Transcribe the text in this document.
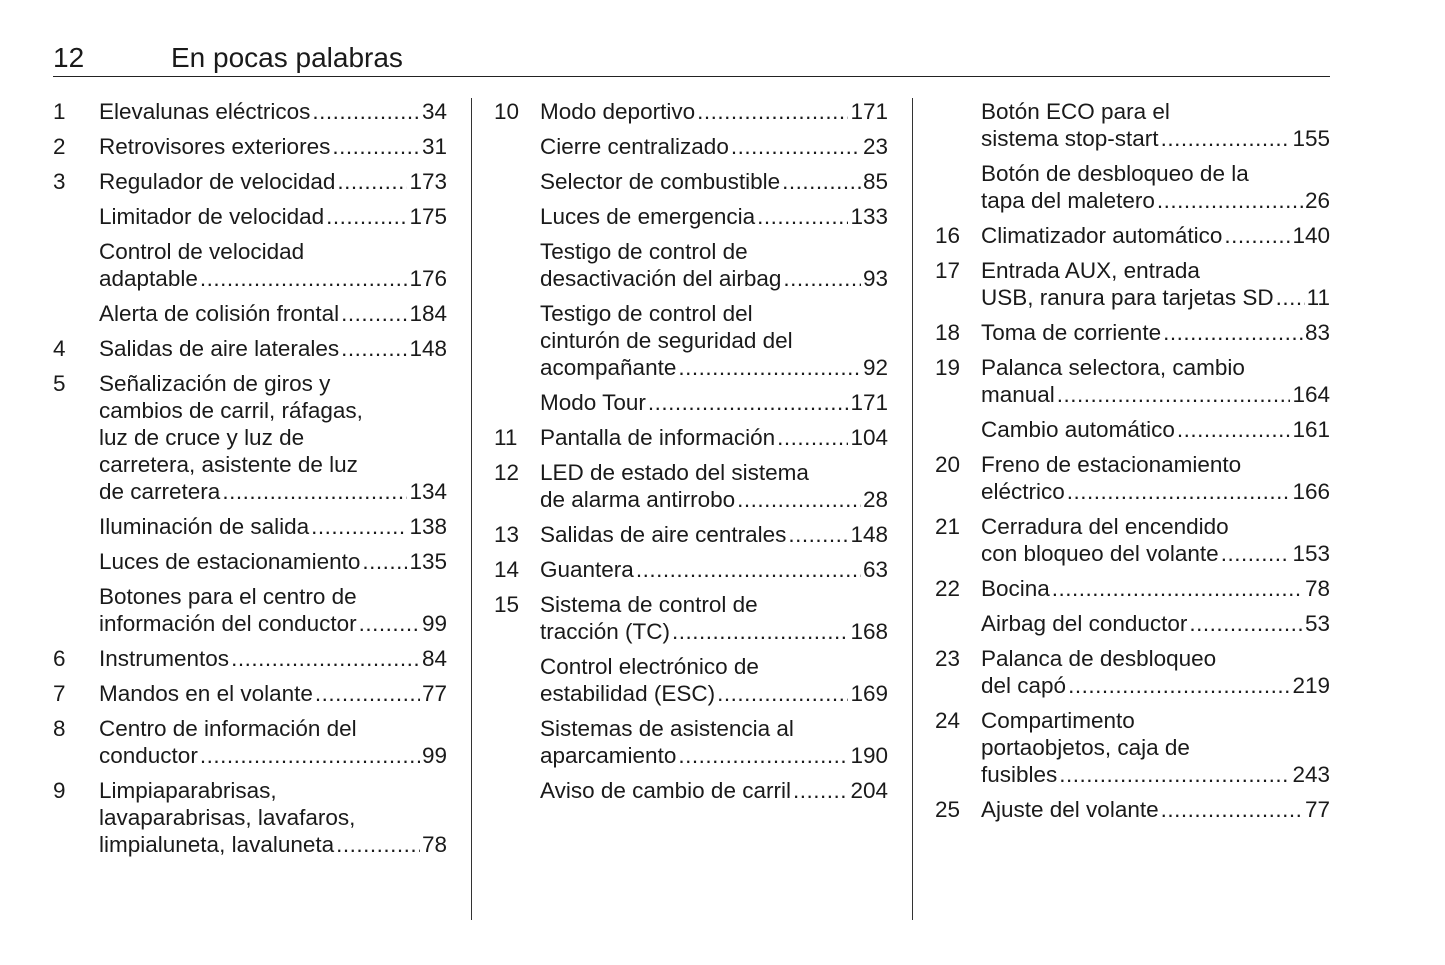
12	En pocas palabras
1 Elevalunas eléctricos .....	34
2 Retrovisores exteriores .....	31
3 Regulador de velocidad .....	173
Limitador de velocidad .....	175
Control de velocidad
adaptable .....	176
Alerta de colisión frontal .....	184
4 Salidas de aire laterales .....	148
5 Señalización de giros y
cambios de carril, ráfagas,
luz de cruce y luz de
carretera, asistente de luz
de carretera .....	134
Iluminación de salida .....	138
Luces de estacionamiento ..... 135
Botones para el centro de
información del conductor .....	99
6 Instrumentos .....	84
7 Mandos en el volante .....	77
8 Centro de información del
conductor .....	99
9 Limpiaparabrisas,
lavaparabrisas, lavafaros,
limpialuneta, lavaluneta .....	78
10 Modo deportivo .....	171
Cierre centralizado .....	23
Selector de combustible .....	85
Luces de emergencia .....	133
Testigo de control de
desactivación del airbag .....	93
Testigo de control del
cinturón de seguridad del
acompañante .....	92
Modo Tour .....	171
11 Pantalla de información .....	104
12 LED de estado del sistema
de alarma antirrobo .....	28
13 Salidas de aire centrales .....	148
14 Guantera .....	63
15 Sistema de control de
tracción (TC) .....	168
Control electrónico de
estabilidad (ESC) .....	169
Sistemas de asistencia al
aparcamiento .....	190
Aviso de cambio de carril .....	204
Botón ECO para el
sistema stop-start .....	155
Botón de desbloqueo de la
tapa del maletero .....	26
16 Climatizador automático .....	140
17 Entrada AUX, entrada
USB, ranura para tarjetas SD ..... 11
18 Toma de corriente .....	83
19 Palanca selectora, cambio
manual .....	164
Cambio automático .....	161
20 Freno de estacionamiento
eléctrico .....	166
21 Cerradura del encendido
con bloqueo del volante .....	153
22 Bocina .....	78
Airbag del conductor .....	53
23 Palanca de desbloqueo
del capó .....	219
24 Compartimento
portaobjetos, caja de
fusibles .....	243
25 Ajuste del volante .....	77
